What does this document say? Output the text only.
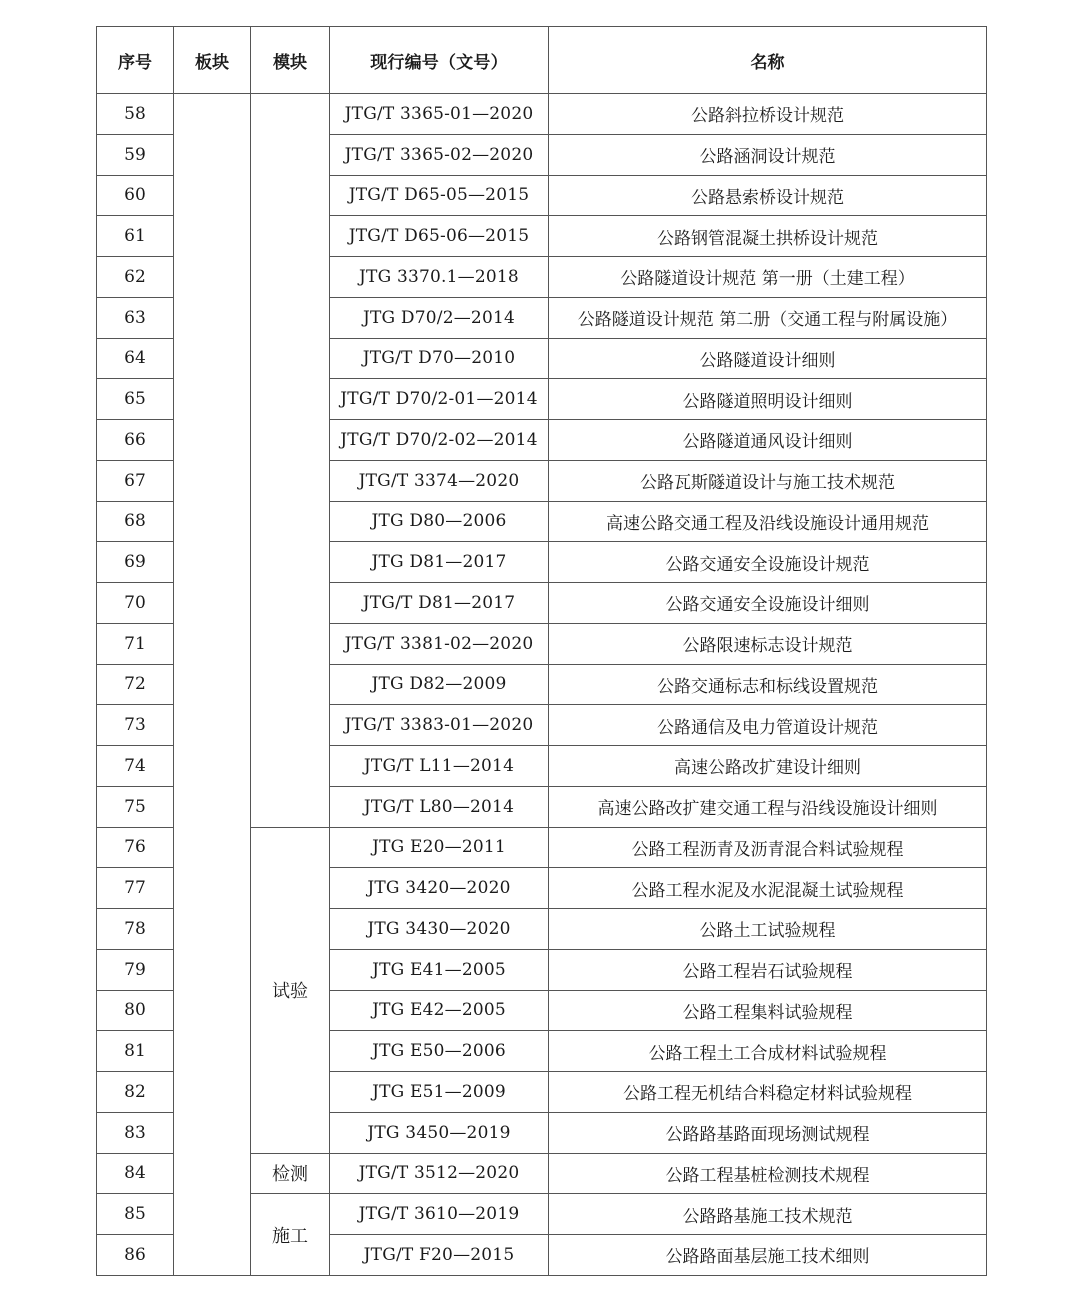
序号	板块	模块	现行编号（文号）	名称
58			JTG/T 3365-01—2020	公路斜拉桥设计规范
59			JTG/T 3365-02—2020	公路涵洞设计规范
60			JTG/T D65-05—2015	公路悬索桥设计规范
61			JTG/T D65-06—2015	公路钢管混凝土拱桥设计规范
62			JTG 3370.1—2018	公路隧道设计规范 第一册（土建工程）
63			JTG D70/2—2014	公路隧道设计规范 第二册（交通工程与附属设施）
64			JTG/T D70—2010	公路隧道设计细则
65			JTG/T D70/2-01—2014	公路隧道照明设计细则
66			JTG/T D70/2-02—2014	公路隧道通风设计细则
67			JTG/T 3374—2020	公路瓦斯隧道设计与施工技术规范
68			JTG D80—2006	高速公路交通工程及沿线设施设计通用规范
69			JTG D81—2017	公路交通安全设施设计规范
70			JTG/T D81—2017	公路交通安全设施设计细则
71			JTG/T 3381-02—2020	公路限速标志设计规范
72			JTG D82—2009	公路交通标志和标线设置规范
73			JTG/T 3383-01—2020	公路通信及电力管道设计规范
74			JTG/T L11—2014	高速公路改扩建设计细则
75			JTG/T L80—2014	高速公路改扩建交通工程与沿线设施设计细则
76		试验	JTG E20—2011	公路工程沥青及沥青混合料试验规程
77			JTG 3420—2020	公路工程水泥及水泥混凝土试验规程
78			JTG 3430—2020	公路土工试验规程
79			JTG E41—2005	公路工程岩石试验规程
80			JTG E42—2005	公路工程集料试验规程
81			JTG E50—2006	公路工程土工合成材料试验规程
82			JTG E51—2009	公路工程无机结合料稳定材料试验规程
83			JTG 3450—2019	公路路基路面现场测试规程
84		检测	JTG/T 3512—2020	公路工程基桩检测技术规程
85		施工	JTG/T 3610—2019	公路路基施工技术规范
86			JTG/T F20—2015	公路路面基层施工技术细则
